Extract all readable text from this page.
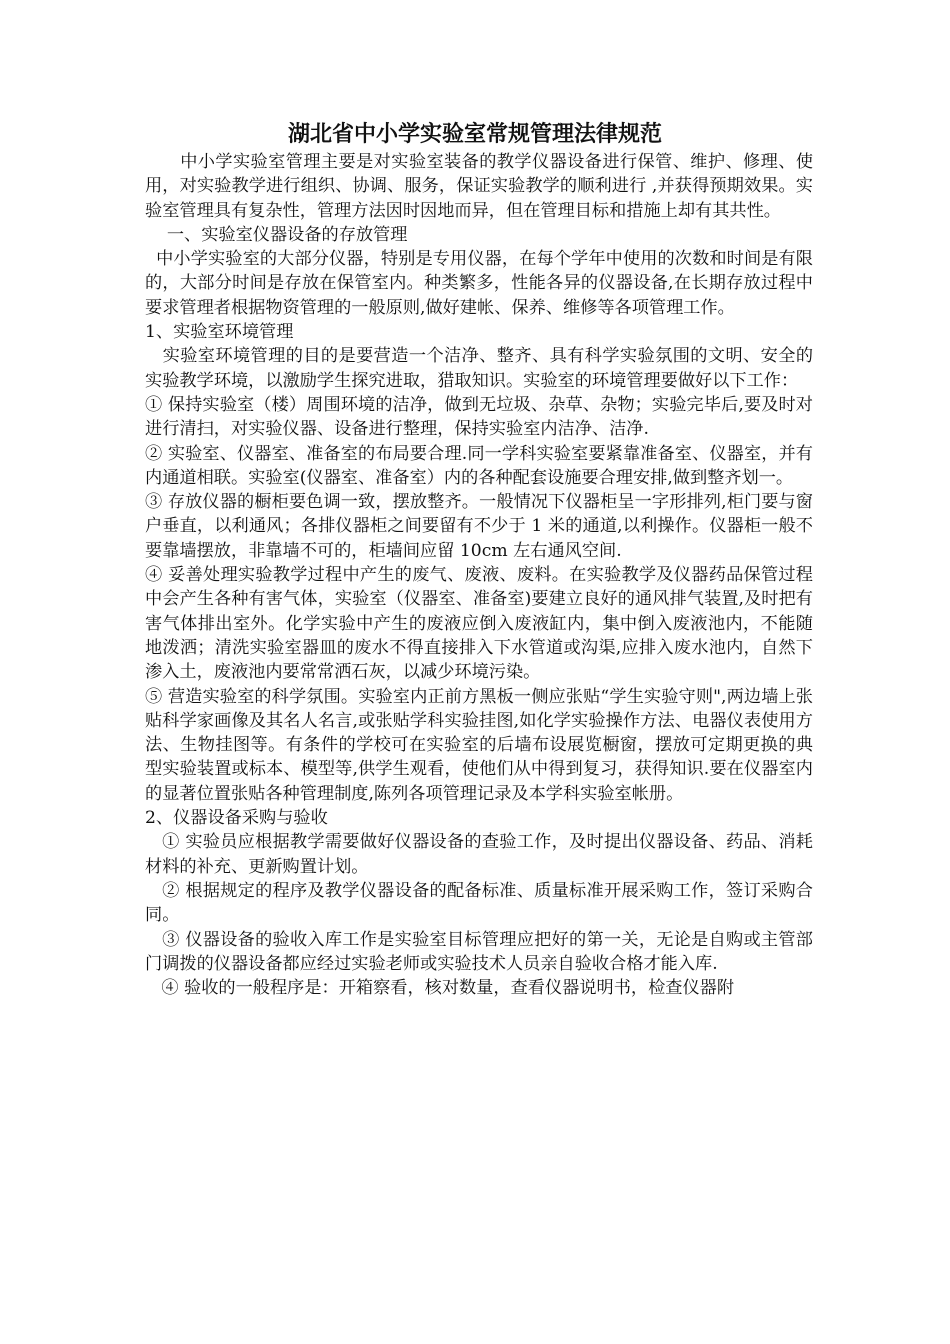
湖北省中小学实验室常规管理法律规范

中小学实验室管理主要是对实验室装备的教学仪器设备进行保管、维护、修理、使用，对实验教学进行组织、协调、服务，保证实验教学的顺利进行 ,并获得预期效果。实验室管理具有复杂性，管理方法因时因地而异，但在管理目标和措施上却有其共性。

一、实验室仪器设备的存放管理

中小学实验室的大部分仪器，特别是专用仪器，在每个学年中使用的次数和时间是有限的，大部分时间是存放在保管室内。种类繁多，性能各异的仪器设备,在长期存放过程中要求管理者根据物资管理的一般原则,做好建帐、保养、维修等各项管理工作。

1、实验室环境管理

实验室环境管理的目的是要营造一个洁净、整齐、具有科学实验氛围的文明、安全的实验教学环境，以激励学生探究进取，猎取知识。实验室的环境管理要做好以下工作：

① 保持实验室（楼）周围环境的洁净，做到无垃圾、杂草、杂物；实验完毕后,要及时对进行清扫，对实验仪器、设备进行整理，保持实验室内洁净、洁净.

② 实验室、仪器室、准备室的布局要合理.同一学科实验室要紧靠准备室、仪器室，并有内通道相联。实验室(仪器室、准备室）内的各种配套设施要合理安排,做到整齐划一。

③ 存放仪器的橱柜要色调一致，摆放整齐。一般情况下仪器柜呈一字形排列,柜门要与窗户垂直，以利通风；各排仪器柜之间要留有不少于 1 米的通道,以利操作。仪器柜一般不要靠墙摆放，非靠墙不可的，柜墙间应留 10cm 左右通风空间.

④ 妥善处理实验教学过程中产生的废气、废液、废料。在实验教学及仪器药品保管过程中会产生各种有害气体，实验室（仪器室、准备室)要建立良好的通风排气装置,及时把有害气体排出室外。化学实验中产生的废液应倒入废液缸内，集中倒入废液池内，不能随地泼洒；清洗实验室器皿的废水不得直接排入下水管道或沟渠,应排入废水池内，自然下渗入土，废液池内要常常洒石灰，以减少环境污染。

⑤ 营造实验室的科学氛围。实验室内正前方黑板一侧应张贴“学生实验守则",两边墙上张贴科学家画像及其名人名言,或张贴学科实验挂图,如化学实验操作方法、电器仪表使用方法、生物挂图等。有条件的学校可在实验室的后墙布设展览橱窗，摆放可定期更换的典型实验装置或标本、模型等,供学生观看，使他们从中得到复习，获得知识.要在仪器室内的显著位置张贴各种管理制度,陈列各项管理记录及本学科实验室帐册。

2、仪器设备采购与验收

① 实验员应根据教学需要做好仪器设备的查验工作，及时提出仪器设备、药品、消耗材料的补充、更新购置计划。

② 根据规定的程序及教学仪器设备的配备标准、质量标准开展采购工作，签订采购合同。

③ 仪器设备的验收入库工作是实验室目标管理应把好的第一关，无论是自购或主管部门调拨的仪器设备都应经过实验老师或实验技术人员亲自验收合格才能入库.

④ 验收的一般程序是：开箱察看，核对数量，查看仪器说明书，检查仪器附
